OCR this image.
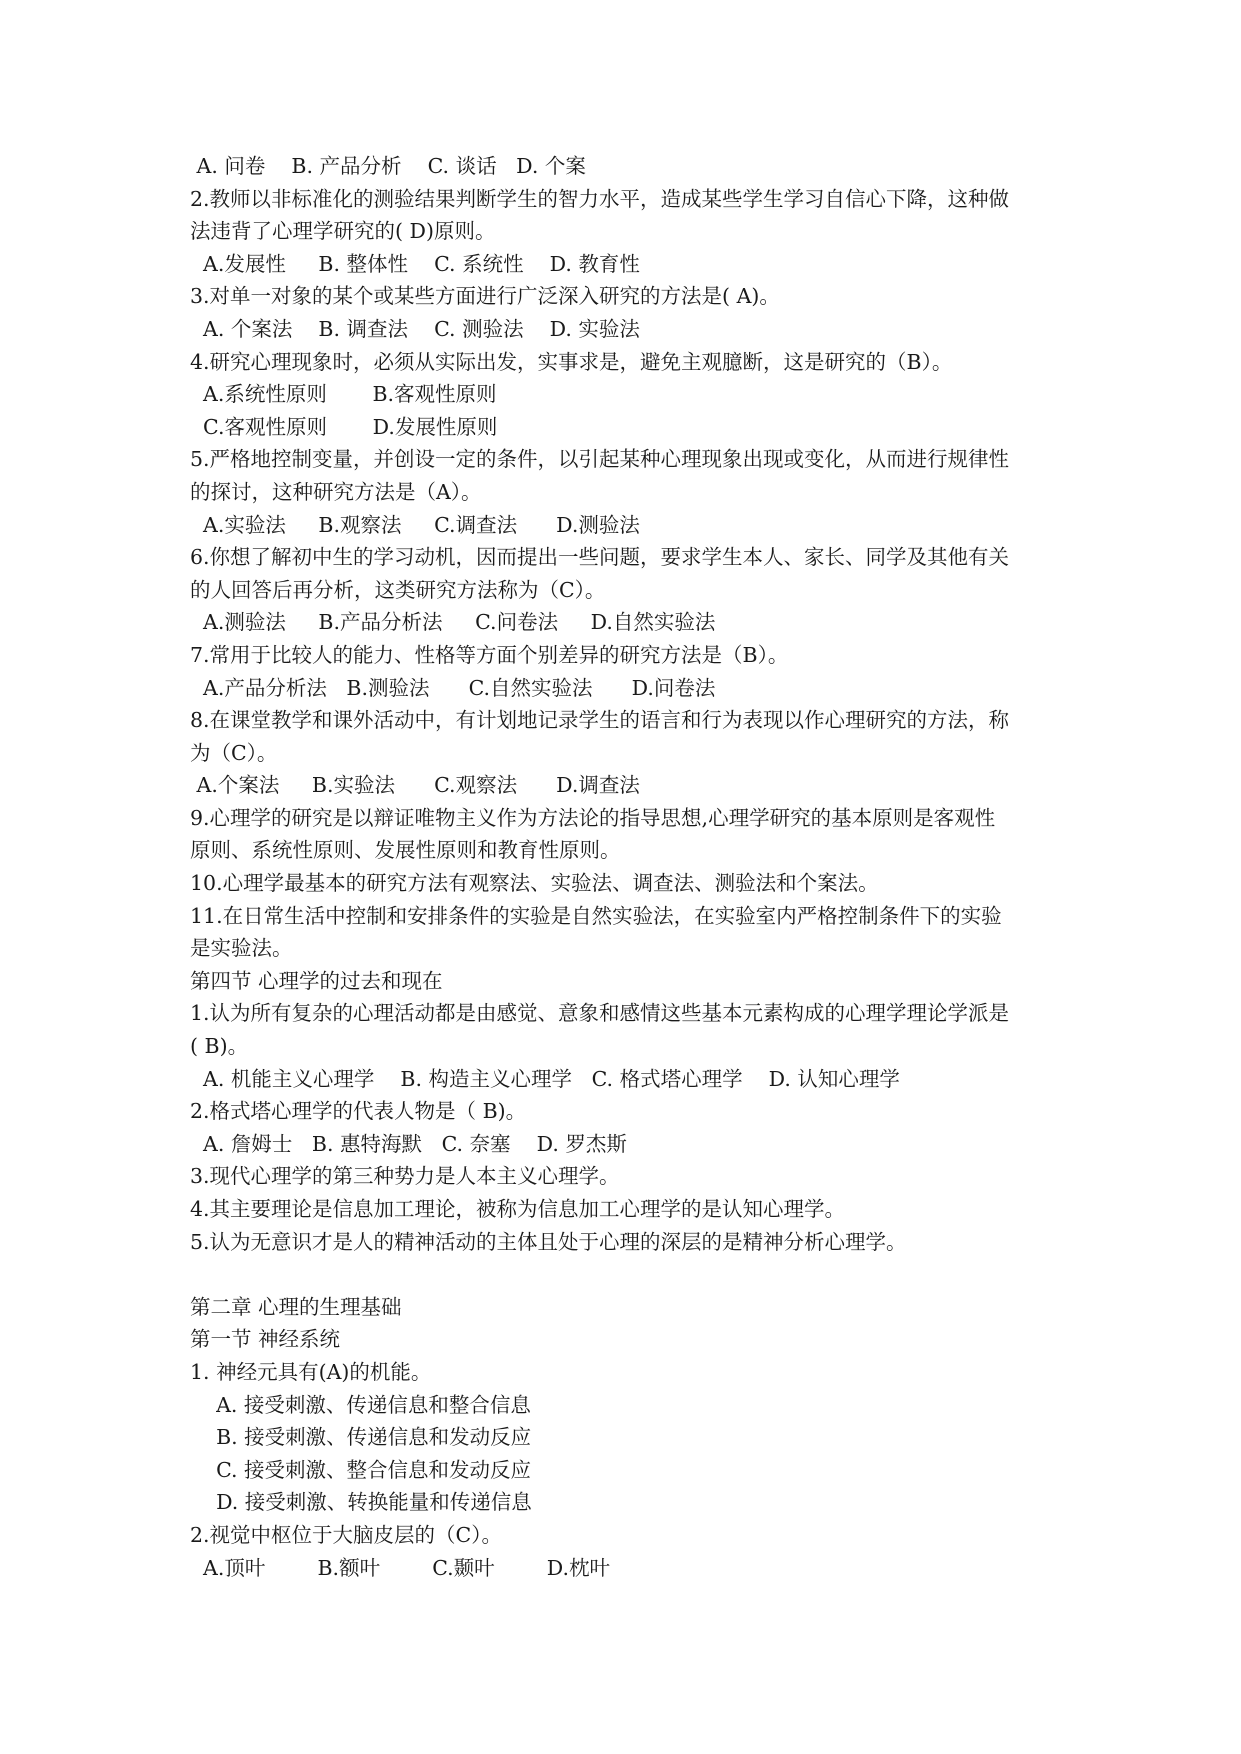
A. 问卷    B. 产品分析    C. 谈话   D. 个案
2.教师以非标准化的测验结果判断学生的智力水平，造成某些学生学习自信心下降，这种做
法违背了心理学研究的( D)原则。
A.发展性     B. 整体性    C. 系统性    D. 教育性
3.对单一对象的某个或某些方面进行广泛深入研究的方法是( A)。
A. 个案法    B. 调查法    C. 测验法    D. 实验法
4.研究心理现象时，必须从实际出发，实事求是，避免主观臆断，这是研究的（B）。
A.系统性原则       B.客观性原则
C.客观性原则       D.发展性原则
5.严格地控制变量，并创设一定的条件，以引起某种心理现象出现或变化，从而进行规律性
的探讨，这种研究方法是（A）。
A.实验法     B.观察法     C.调查法      D.测验法
6.你想了解初中生的学习动机，因而提出一些问题，要求学生本人、家长、同学及其他有关
的人回答后再分析，这类研究方法称为（C）。
A.测验法     B.产品分析法     C.问卷法     D.自然实验法
7.常用于比较人的能力、性格等方面个别差异的研究方法是（B）。
A.产品分析法   B.测验法      C.自然实验法      D.问卷法
8.在课堂教学和课外活动中，有计划地记录学生的语言和行为表现以作心理研究的方法，称
为（C）。
A.个案法     B.实验法      C.观察法      D.调查法
9.心理学的研究是以辩证唯物主义作为方法论的指导思想,心理学研究的基本原则是客观性
原则、系统性原则、发展性原则和教育性原则。
10.心理学最基本的研究方法有观察法、实验法、调查法、测验法和个案法。
11.在日常生活中控制和安排条件的实验是自然实验法，在实验室内严格控制条件下的实验
是实验法。
第四节 心理学的过去和现在
1.认为所有复杂的心理活动都是由感觉、意象和感情这些基本元素构成的心理学理论学派是
( B)。
A. 机能主义心理学    B. 构造主义心理学   C. 格式塔心理学    D. 认知心理学
2.格式塔心理学的代表人物是（ B)。
A. 詹姆士   B. 惠特海默   C. 奈塞    D. 罗杰斯
3.现代心理学的第三种势力是人本主义心理学。
4.其主要理论是信息加工理论，被称为信息加工心理学的是认知心理学。
5.认为无意识才是人的精神活动的主体且处于心理的深层的是精神分析心理学。
第二章 心理的生理基础
第一节 神经系统
1. 神经元具有(A)的机能。
A. 接受刺激、传递信息和整合信息
B. 接受刺激、传递信息和发动反应
C. 接受刺激、整合信息和发动反应
D. 接受刺激、转换能量和传递信息
2.视觉中枢位于大脑皮层的（C）。
A.顶叶        B.额叶        C.颞叶        D.枕叶
